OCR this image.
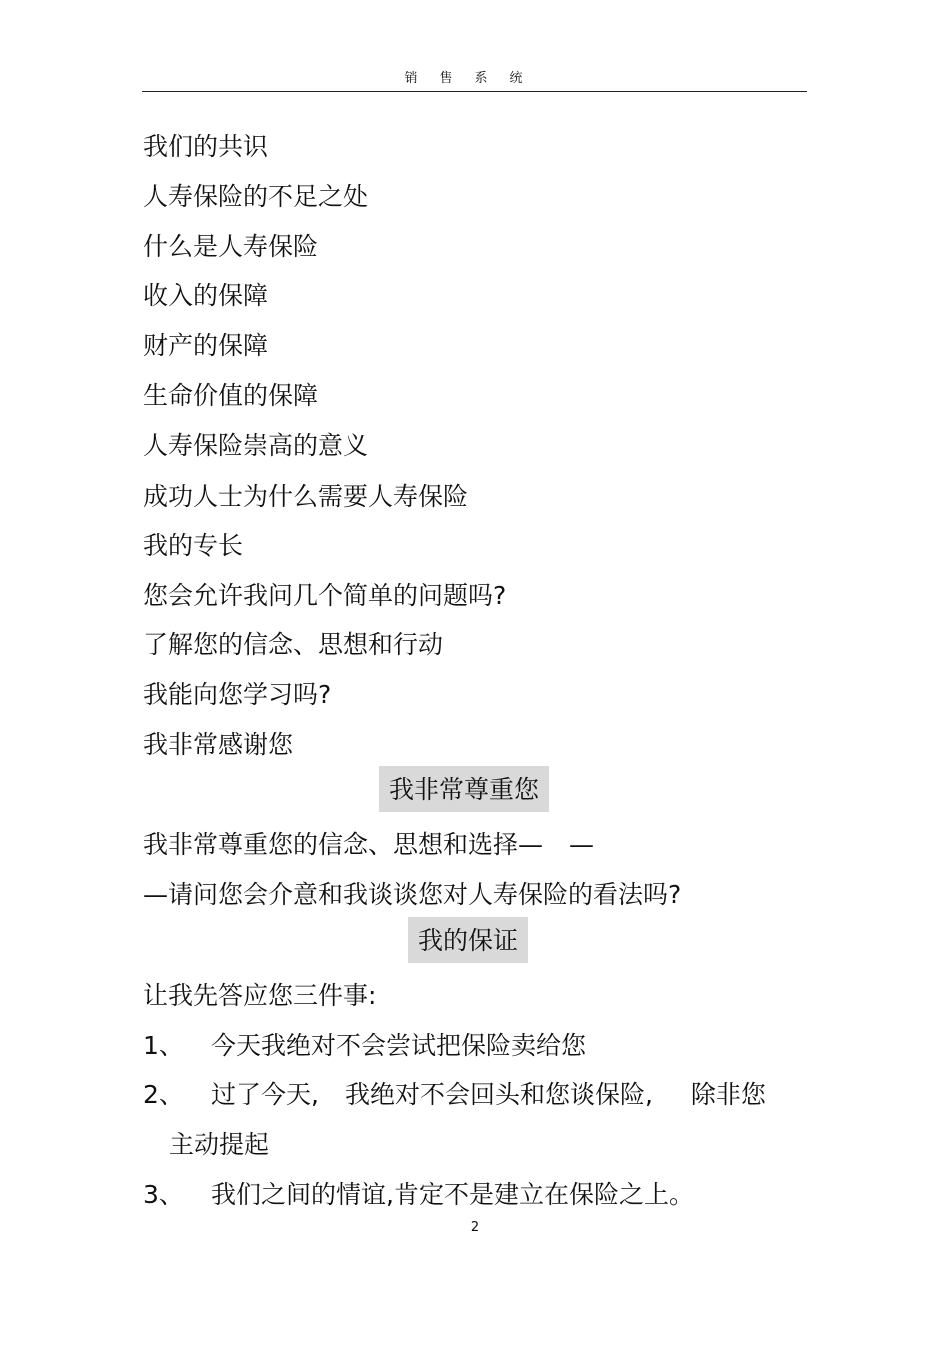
销售系统
我们的共识
人寿保险的不足之处
什么是人寿保险
收入的保障
财产的保障
生命价值的保障
人寿保险崇高的意义
成功人士为什么需要人寿保险
我的专长
您会允许我问几个简单的问题吗?
了解您的信念、思想和行动
我能向您学习吗?
我非常感谢您
我非常尊重您
我非常尊重您的信念、思想和选择— —
—请问您会介意和我谈谈您对人寿保险的看法吗?
我的保证
让我先答应您三件事:
1、 今天我绝对不会尝试把保险卖给您
2、 过了今天, 我绝对不会回头和您谈保险, 除非您
主动提起
3、 我们之间的情谊,肯定不是建立在保险之上。
2
